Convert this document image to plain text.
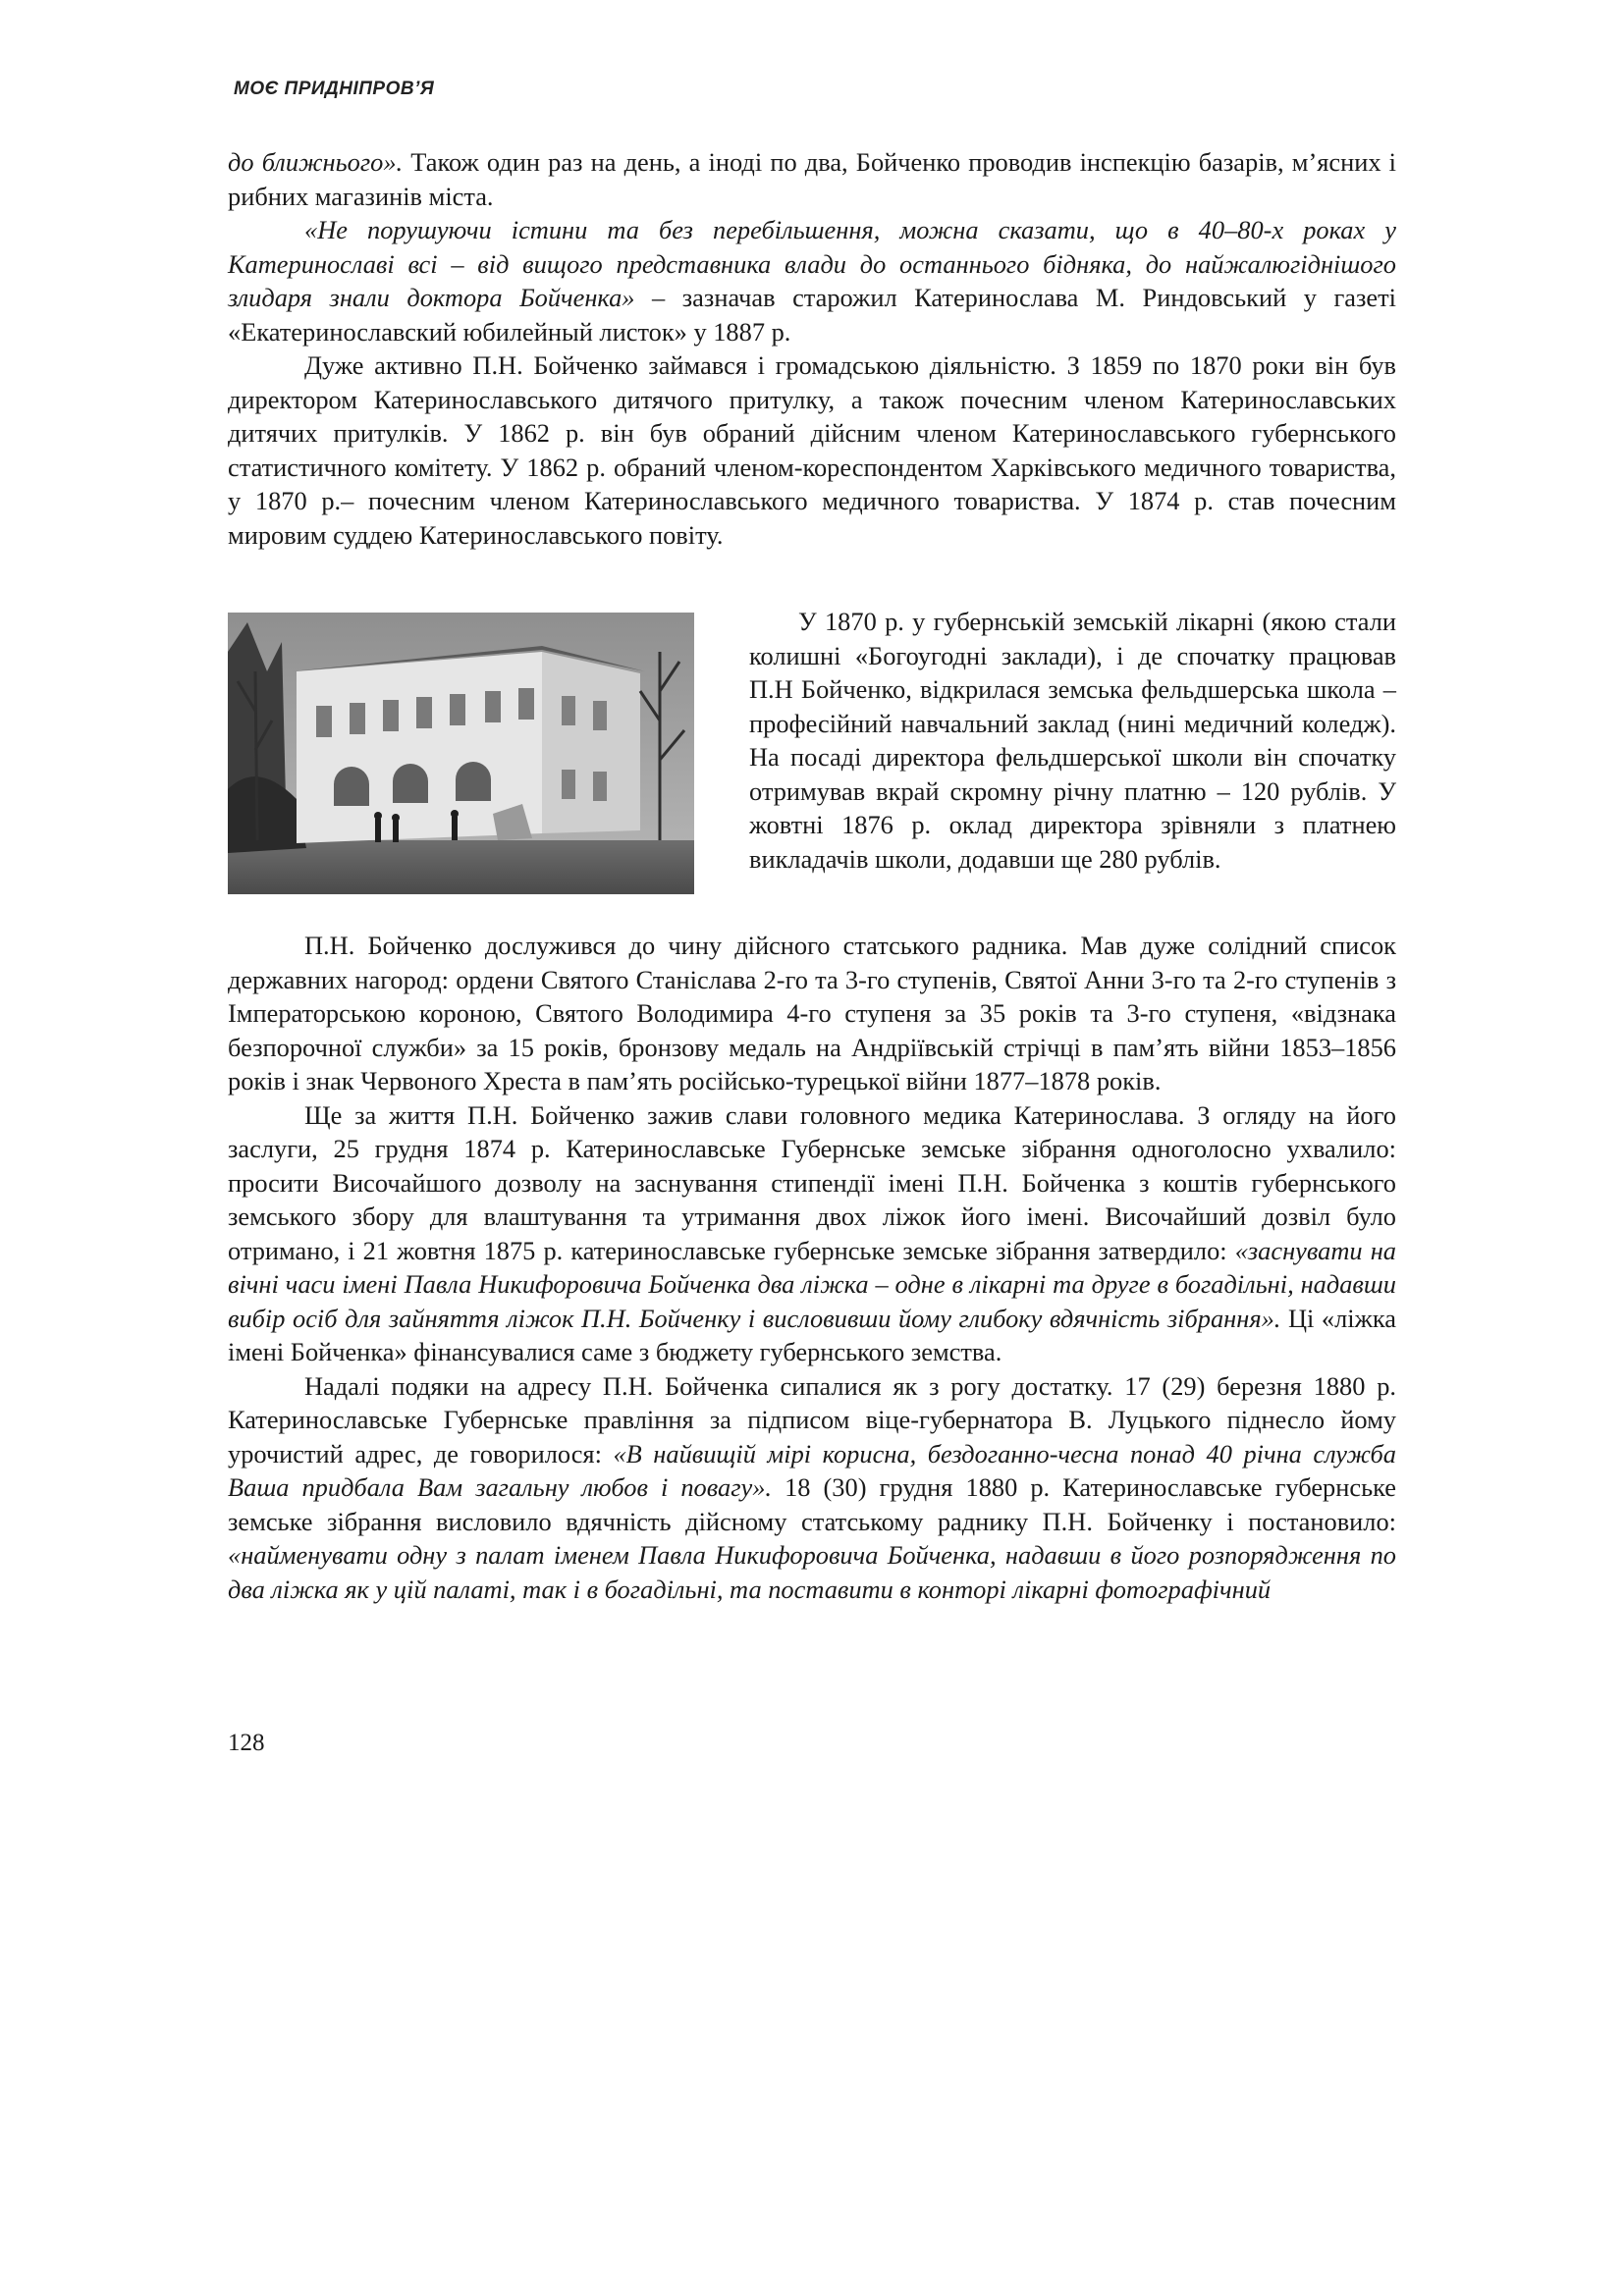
МОЄ ПРИДНІПРОВ’Я

до ближнього». Також один раз на день, а іноді по два, Бойченко проводив інспекцію базарів, м’ясних і рибних магазинів міста.

«Не порушуючи істини та без перебільшення, можна сказати, що в 40–80-х роках у Катеринославі всі – від вищого представника влади до останнього бідняка, до найжалюгіднішого злидаря знали доктора Бойченка» – зазначав старожил Катеринослава М. Риндовський у газеті «Екатеринославский юбилейный листок» у 1887 р.

Дуже активно П.Н. Бойченко займався і громадською діяльністю. З 1859 по 1870 роки він був директором Катеринославського дитячого притулку, а також почесним членом Катеринославських дитячих притулків. У 1862 р. він був обраний дійсним членом Катеринославського губернського статистичного комітету. У 1862 р. обраний членом-кореспондентом Харківського медичного товариства, у 1870 р.– почесним членом Катеринославського медичного товариства. У 1874 р. став почесним мировим суддею Катеринославського повіту.

У 1870 р. у губернській земській лікарні (якою стали колишні «Богоугодні заклади), і де спочатку працював П.Н Бойченко, відкрилася земська фельдшерська школа – професійний навчальний заклад (нині медичний коледж). На посаді директора фельдшерської школи він спочатку отримував вкрай скромну річну платню – 120 рублів. У жовтні 1876 р. оклад директора зрівняли з платнею викладачів школи, додавши ще 280 рублів.

П.Н. Бойченко дослужився до чину дійсного статського радника. Мав дуже солідний список державних нагород: ордени Святого Станіслава 2-го та 3-го ступенів, Святої Анни 3-го та 2-го ступенів з Імператорською короною, Святого Володимира 4-го ступеня за 35 років та 3-го ступеня, «відзнака безпорочної служби» за 15 років, бронзову медаль на Андріївській стрічці в пам’ять війни 1853–1856 років і знак Червоного Хреста в пам’ять російсько-турецької війни 1877–1878 років.

Ще за життя П.Н. Бойченко зажив слави головного медика Катеринослава. З огляду на його заслуги, 25 грудня 1874 р. Катеринославське Губернське земське зібрання одноголосно ухвалило: просити Височайшого дозволу на заснування стипендії імені П.Н. Бойченка з коштів губернського земського збору для влаштування та утримання двох ліжок його імені. Височайший дозвіл було отримано, і 21 жовтня 1875 р. катеринославське губернське земське зібрання затвердило: «заснувати на вічні часи імені Павла Никифоровича Бойченка два ліжка – одне в лікарні та друге в богадільні, надавши вибір осіб для зайняття ліжок П.Н. Бойченку і висловивши йому глибоку вдячність зібрання». Ці «ліжка імені Бойченка» фінансувалися саме з бюджету губернського земства.

Надалі подяки на адресу П.Н. Бойченка сипалися як з рогу достатку. 17 (29) березня 1880 р. Катеринославське Губернське правління за підписом віце-губернатора В. Луцького піднесло йому урочистий адрес, де говорилося: «В найвищій мірі корисна, бездоганно-чесна понад 40 річна служба Ваша придбала Вам загальну любов і повагу». 18 (30) грудня 1880 р. Катеринославське губернське земське зібрання висловило вдячність дійсному статському раднику П.Н. Бойченку і постановило: «найменувати одну з палат іменем Павла Никифоровича Бойченка, надавши в його розпорядження по два ліжка як у цій палаті, так і в богадільні, та поставити в конторі лікарні фотографічний

128
